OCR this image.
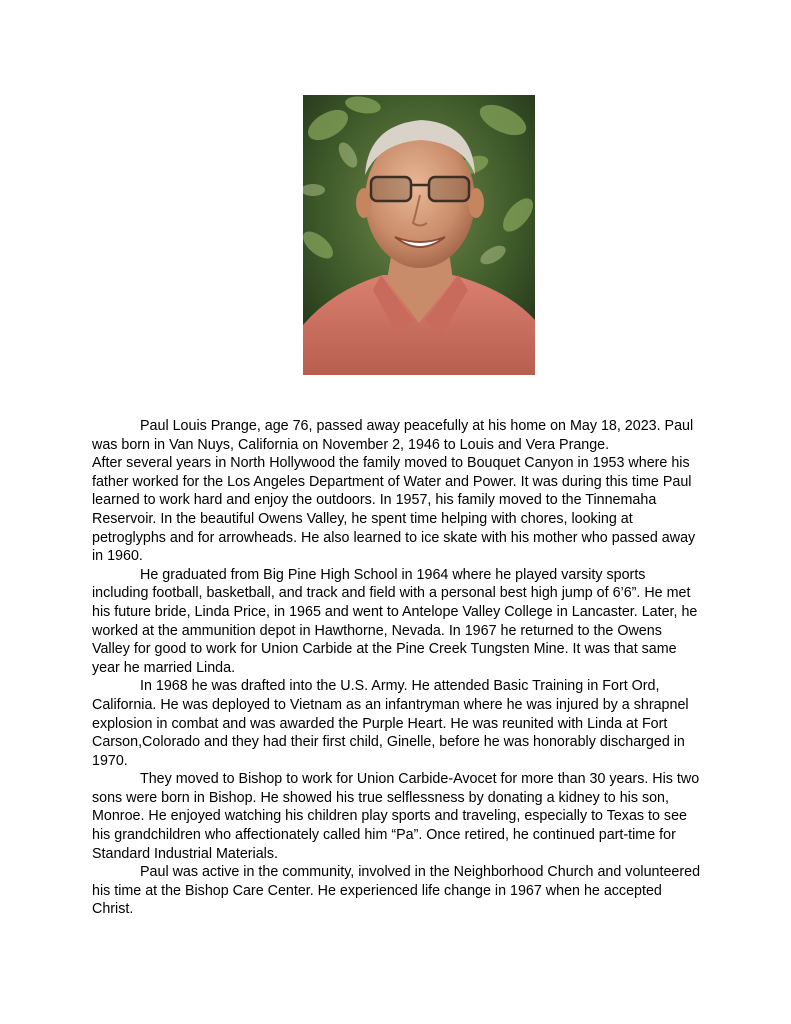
Paul Louis Prange, age 76, passed away peacefully at his home on May 18, 2023. Paul

was born in Van Nuys, California on November 2, 1946 to Louis and Vera Prange.

After several years in North Hollywood the family moved to Bouquet Canyon in 1953 where his

father worked for the Los Angeles Department of Water and Power. It was during this time Paul

learned to work hard and enjoy the outdoors. In 1957, his family moved to the Tinnemaha

Reservoir. In the beautiful Owens Valley, he spent time helping with chores, looking at

petroglyphs and for arrowheads. He also learned to ice skate with his mother who passed away

in 1960.

He graduated from Big Pine High School in 1964 where he played varsity sports

including football, basketball, and track and field with a personal best high jump of 6’6”. He met

his future bride, Linda Price, in 1965 and went to Antelope Valley College in Lancaster. Later, he

worked at the ammunition depot in Hawthorne, Nevada. In 1967 he returned to the Owens

Valley for good to work for Union Carbide at the Pine Creek Tungsten Mine. It was that same

year he married Linda.

In 1968 he was drafted into the U.S. Army. He attended Basic Training in Fort Ord,

California. He was deployed to Vietnam as an infantryman where he was injured by a shrapnel

explosion in combat and was awarded the Purple Heart. He was reunited with Linda at Fort

Carson,Colorado and they had their first child, Ginelle, before he was honorably discharged in

1970.

They moved to Bishop to work for Union Carbide-Avocet for more than 30 years. His two

sons were born in Bishop. He showed his true selflessness by donating a kidney to his son,

Monroe. He enjoyed watching his children play sports and traveling, especially to Texas to see

his grandchildren who affectionately called him “Pa”. Once retired, he continued part-time for

Standard Industrial Materials.

Paul was active in the community, involved in the Neighborhood Church and volunteered

his time at the Bishop Care Center. He experienced life change in 1967 when he accepted

Christ.
